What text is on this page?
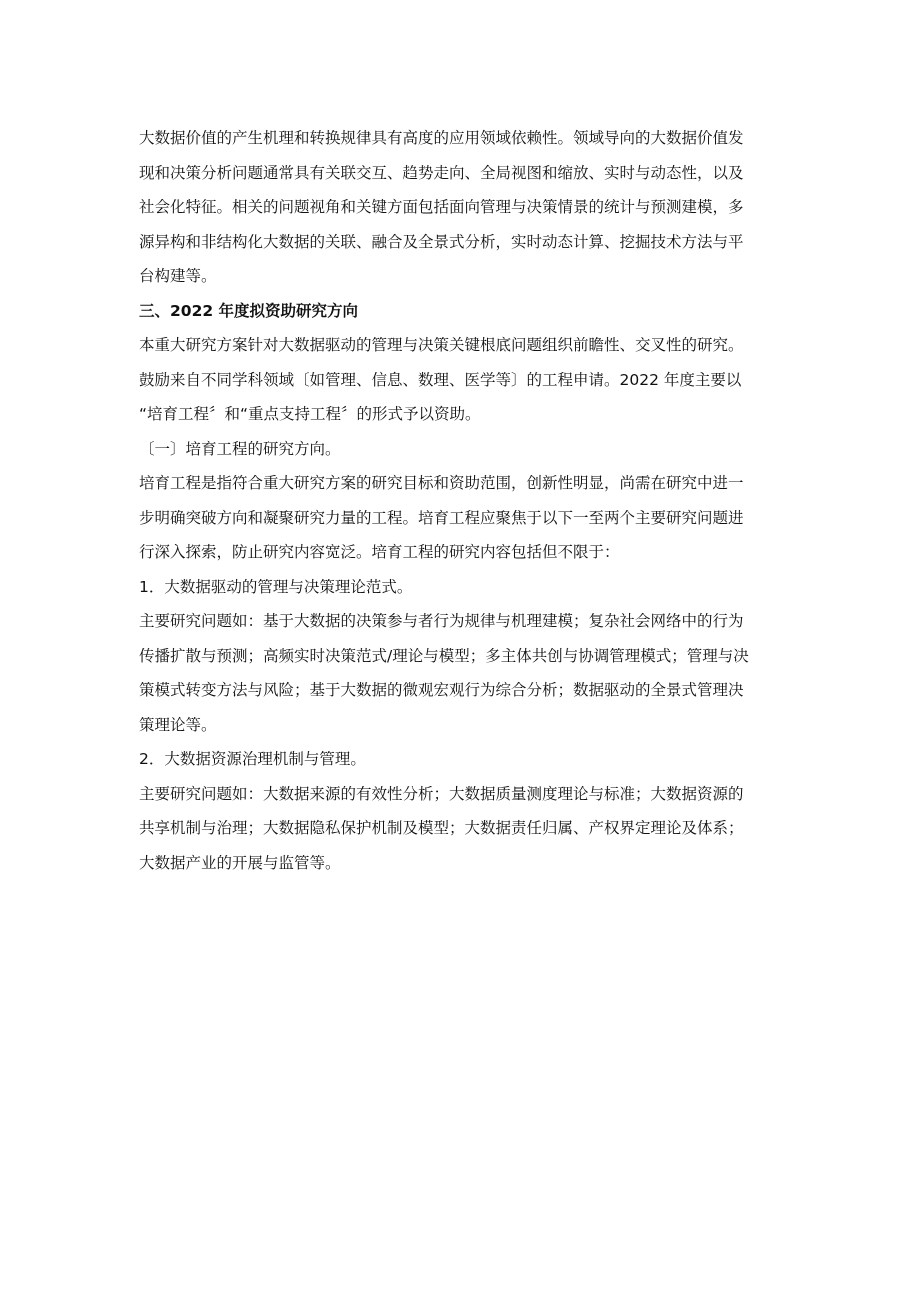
大数据价值的产生机理和转换规律具有高度的应用领域依赖性。领域导向的大数据价值发
现和决策分析问题通常具有关联交互、趋势走向、全局视图和缩放、实时与动态性，以及
社会化特征。相关的问题视角和关键方面包括面向管理与决策情景的统计与预测建模，多
源异构和非结构化大数据的关联、融合及全景式分析，实时动态计算、挖掘技术方法与平
台构建等。
三、2022 年度拟资助研究方向
本重大研究方案针对大数据驱动的管理与决策关键根底问题组织前瞻性、交叉性的研究。
鼓励来自不同学科领域〔如管理、信息、数理、医学等〕的工程申请。2022 年度主要以
“培育工程〞和“重点支持工程〞的形式予以资助。
〔一〕培育工程的研究方向。
培育工程是指符合重大研究方案的研究目标和资助范围，创新性明显，尚需在研究中进一
步明确突破方向和凝聚研究力量的工程。培育工程应聚焦于以下一至两个主要研究问题进
行深入探索，防止研究内容宽泛。培育工程的研究内容包括但不限于：
1．大数据驱动的管理与决策理论范式。
主要研究问题如：基于大数据的决策参与者行为规律与机理建模；复杂社会网络中的行为
传播扩散与预测；高频实时决策范式/理论与模型；多主体共创与协调管理模式；管理与决
策模式转变方法与风险；基于大数据的微观宏观行为综合分析；数据驱动的全景式管理决
策理论等。
2．大数据资源治理机制与管理。
主要研究问题如：大数据来源的有效性分析；大数据质量测度理论与标准；大数据资源的
共享机制与治理；大数据隐私保护机制及模型；大数据责任归属、产权界定理论及体系；
大数据产业的开展与监管等。
